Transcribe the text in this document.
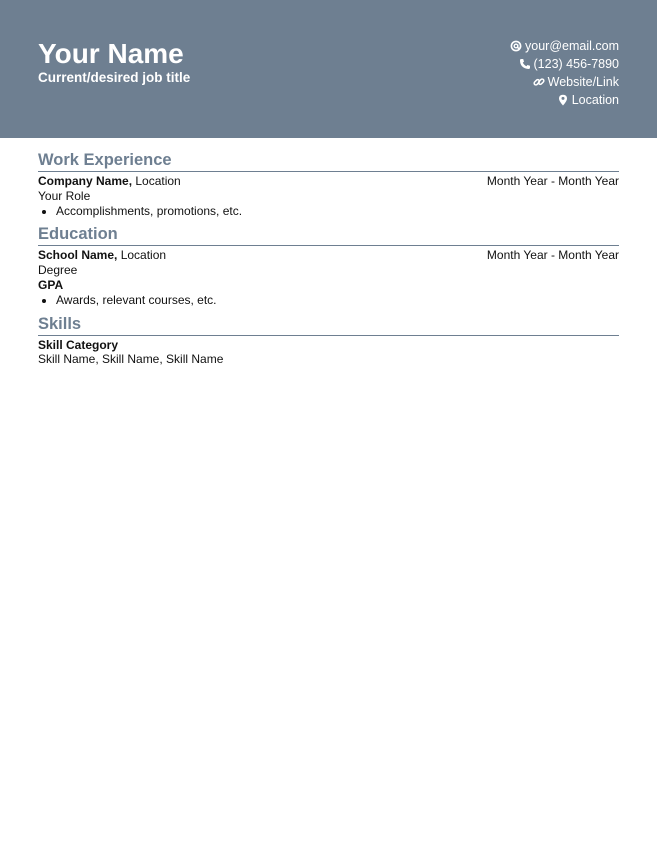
Your Name
Current/desired job title
your@email.com
(123) 456-7890
Website/Link
Location
Work Experience
Company Name, Location	Month Year - Month Year
Your Role
• Accomplishments, promotions, etc.
Education
School Name, Location	Month Year - Month Year
Degree
GPA
• Awards, relevant courses, etc.
Skills
Skill Category
Skill Name, Skill Name, Skill Name
